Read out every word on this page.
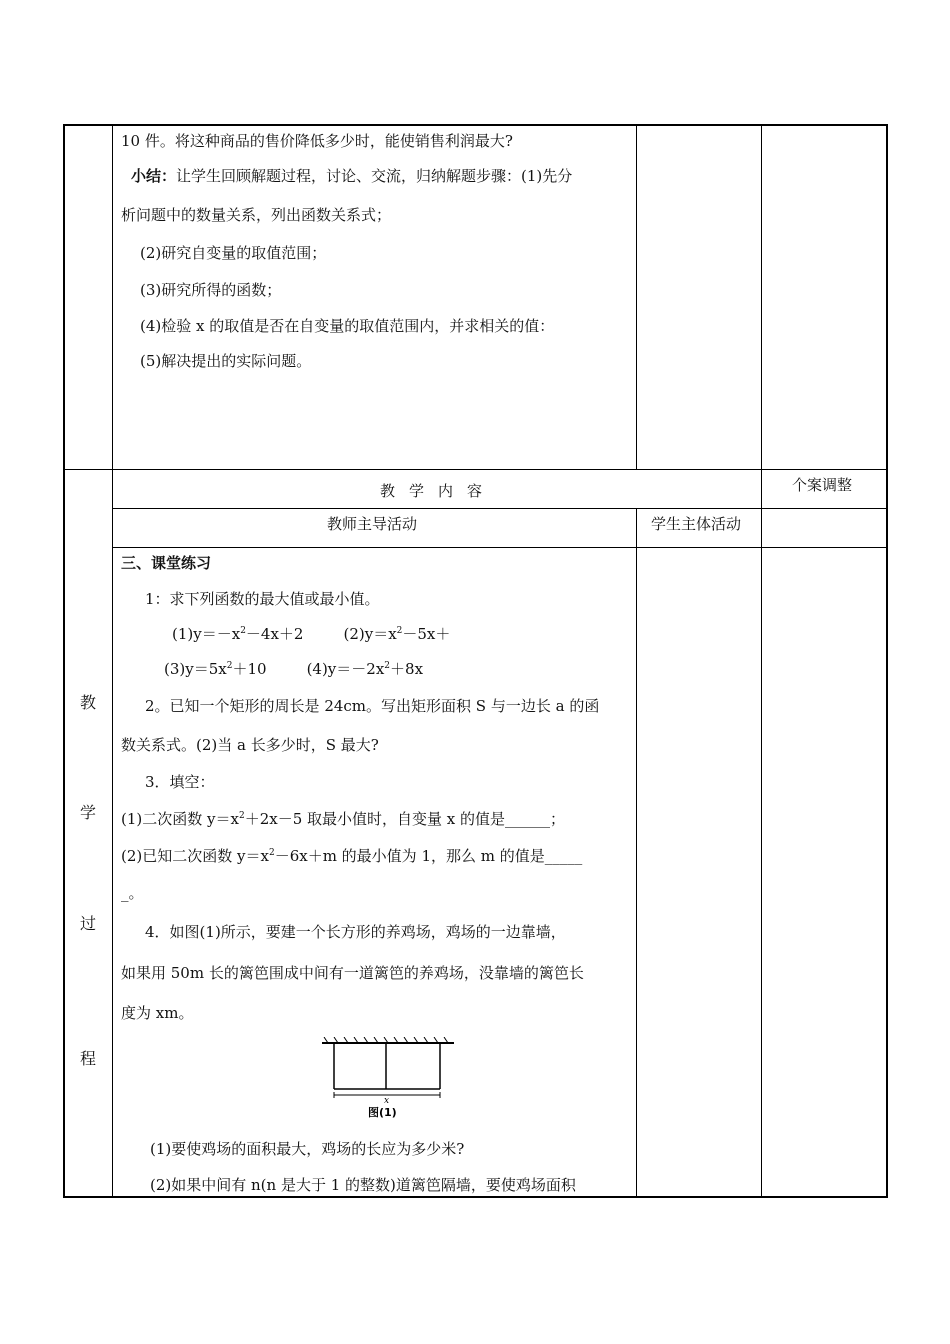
10 件。将这种商品的售价降低多少时，能使销售利润最大?
小结：让学生回顾解题过程，讨论、交流，归纳解题步骤：(1)先分
析问题中的数量关系，列出函数关系式；
(2)研究自变量的取值范围；
(3)研究所得的函数；
(4)检验 x 的取值是否在自变量的取值范围内，并求相关的值：
(5)解决提出的实际问题。
教学内容	个案调整
教师主导活动	学生主体活动
教
学
过
程
三、课堂练习
1：求下列函数的最大值或最小值。
$(1)y=-x^2-4x+2$	$(2)y=x^2-5x+$
$(3)y=5x^2+10$	$(4)y=-2x^2+8x$
2。已知一个矩形的周长是 24cm。写出矩形面积 S 与一边长 a 的函
数关系式。(2)当 a 长多少时，S 最大?
3．填空：
(1)二次函数 $y=x^2+2x-5$ 取最小值时，自变量 x 的值是______；
(2)已知二次函数 $y=x^2-6x+m$ 的最小值为 1，那么 m 的值是_____
_。
4．如图(1)所示，要建一个长方形的养鸡场，鸡场的一边靠墙，
如果用 50m 长的篱笆围成中间有一道篱笆的养鸡场，没靠墙的篱笆长
度为 xm。
x
图(1)
(1)要使鸡场的面积最大，鸡场的长应为多少米?
(2)如果中间有 n(n 是大于 1 的整数)道篱笆隔墙，要使鸡场面积
